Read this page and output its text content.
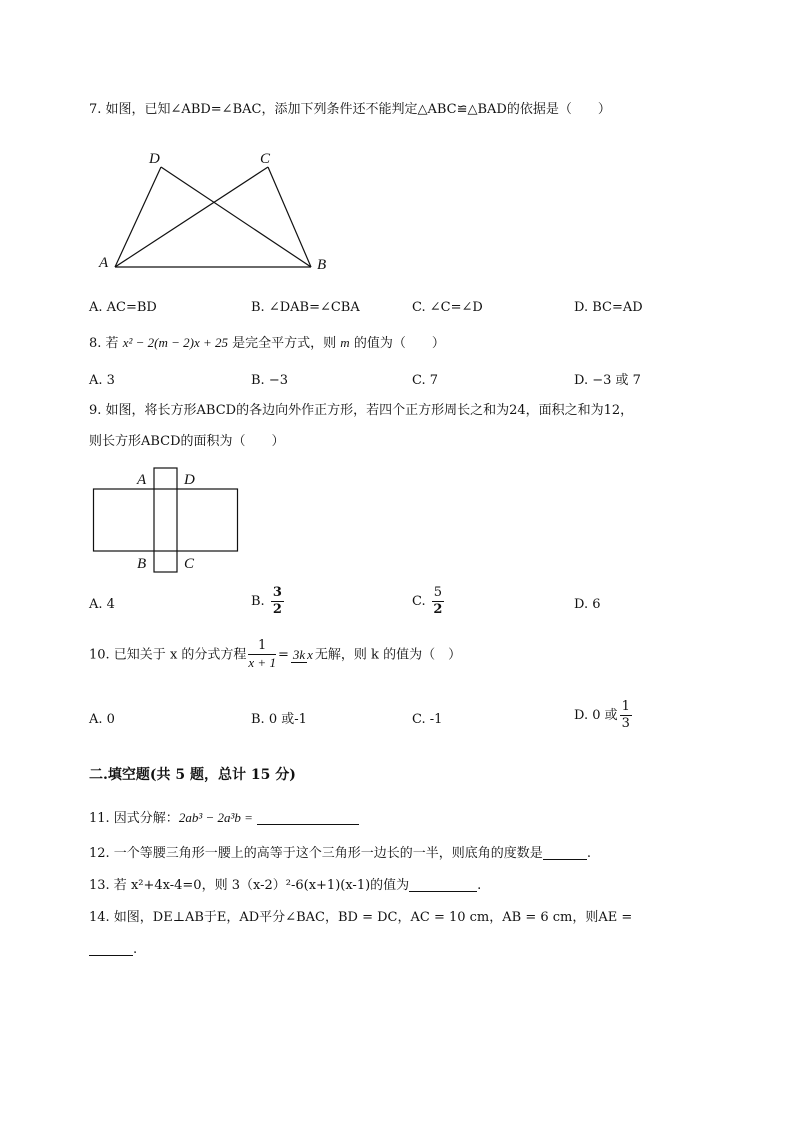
7. 如图，已知∠ABD=∠BAC，添加下列条件还不能判定△ABC≌△BAD的依据是（　　）
D	C
A	B
A. AC=BD	B. ∠DAB=∠CBA	C. ∠C=∠D	D. BC=AD
8. 若 x² − 2(m − 2)x + 25 是完全平方式，则 m 的值为（　　）
A. 3	B. −3	C. 7	D. −3 或 7
9. 如图，将长方形ABCD的各边向外作正方形，若四个正方形周长之和为24，面积之和为12，
则长方形ABCD的面积为（　　）
A	D
B	C
A. 4	B. $\frac{3}{2}$	C. $\frac{5}{2}$	D. 6
10. 已知关于 x 的分式方程 $\frac{1}{x + 1} = 3k$ x 无解，则 k 的值为（　）
A. 0	B. 0 或-1	C. -1	D. 0 或 $\frac{1}{3}$
二.填空题(共 5 题，总计 15 分)
11. 因式分解：2ab³ − 2a³b =
12. 一个等腰三角形一腰上的高等于这个三角形一边长的一半，则底角的度数是	.
13. 若 x²+4x-4=0，则 3（x-2）²-6(x+1)(x-1)的值为	.
14. 如图，DE⊥AB于E，AD平分∠BAC，BD = DC，AC = 10 cm，AB = 6 cm，则AE =
.
